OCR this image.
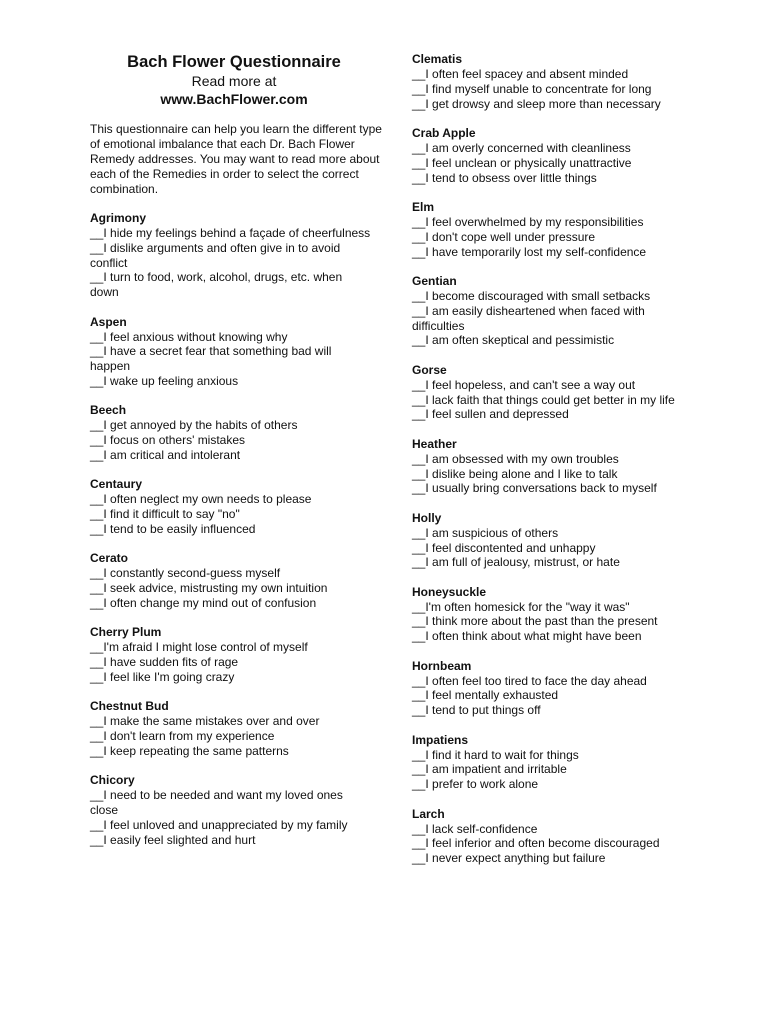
Bach Flower Questionnaire
Read more at
www.BachFlower.com

This questionnaire can help you learn the different type of emotional imbalance that each Dr. Bach Flower Remedy addresses. You may want to read more about each of the Remedies in order to select the correct combination.

Agrimony
__I hide my feelings behind a façade of cheerfulness
__I dislike arguments and often give in to avoid conflict
__I turn to food, work, alcohol, drugs, etc. when down
Aspen
__I feel anxious without knowing why
__I have a secret fear that something bad will happen
__I wake up feeling anxious
Beech
__I get annoyed by the habits of others
__I focus on others' mistakes
__I am critical and intolerant
Centaury
__I often neglect my own needs to please
__I find it difficult to say "no"
__I tend to be easily influenced
Cerato
__I constantly second-guess myself
__I seek advice, mistrusting my own intuition
__I often change my mind out of confusion
Cherry Plum
__I'm afraid I might lose control of myself
__I have sudden fits of rage
__I feel like I'm going crazy
Chestnut Bud
__I make the same mistakes over and over
__I don't learn from my experience
__I keep repeating the same patterns
Chicory
__I need to be needed and want my loved ones close
__I feel unloved and unappreciated by my family
__I easily feel slighted and hurt
Clematis
__I often feel spacey and absent minded
__I find myself unable to concentrate for long
__I get drowsy and sleep more than necessary
Crab Apple
__I am overly concerned with cleanliness
__I feel unclean or physically unattractive
__I tend to obsess over little things
Elm
__I feel overwhelmed by my responsibilities
__I don't cope well under pressure
__I have temporarily lost my self-confidence
Gentian
__I become discouraged with small setbacks
__I am easily disheartened when faced with difficulties
__I am often skeptical and pessimistic
Gorse
__I feel hopeless, and can't see a way out
__I lack faith that things could get better in my life
__I feel sullen and depressed
Heather
__I am obsessed with my own troubles
__I dislike being alone and I like to talk
__I usually bring conversations back to myself
Holly
__I am suspicious of others
__I feel discontented and unhappy
__I am full of jealousy, mistrust, or hate
Honeysuckle
__I'm often homesick for the "way it was"
__I think more about the past than the present
__I often think about what might have been
Hornbeam
__I often feel too tired to face the day ahead
__I feel mentally exhausted
__I tend to put things off
Impatiens
__I find it hard to wait for things
__I am impatient and irritable
__I prefer to work alone
Larch
__I lack self-confidence
__I feel inferior and often become discouraged
__I never expect anything but failure
